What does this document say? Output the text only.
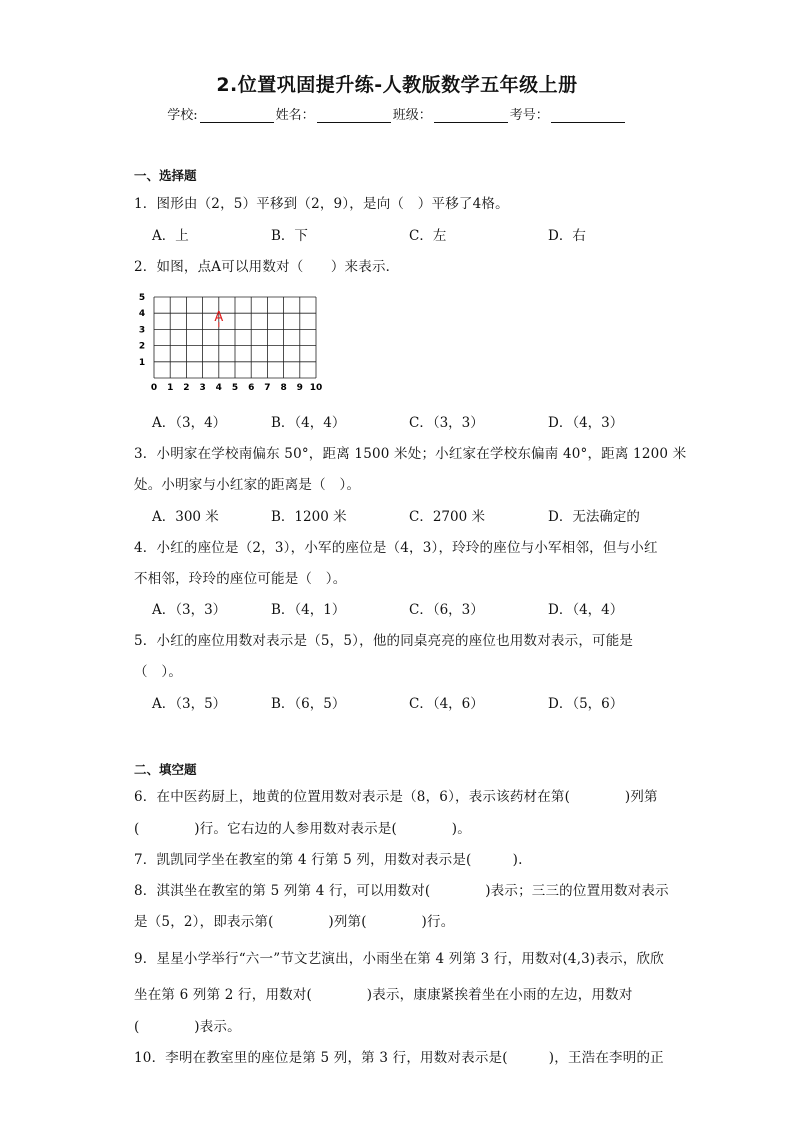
2.位置巩固提升练-人教版数学五年级上册
学校:	姓名：	班级：	考号：
一、选择题
1．图形由（2，5）平移到（2，9），是向（　）平移了4格。
A．上	B．下	C．左	D．右
2．如图，点A可以用数对（　　）来表示．
0 1 2 3 4 5 6 7 8 9 10
1
2
3
4
5
A
A．（3，4）	B．（4，4）	C．（3，3）	D．（4，3）
3．小明家在学校南偏东 50°，距离 1500 米处；小红家在学校东偏南 40°，距离 1200 米
处。小明家与小红家的距离是（　）。
A．300 米	B．1200 米	C．2700 米	D．无法确定的
4．小红的座位是（2，3），小军的座位是（4，3），玲玲的座位与小军相邻，但与小红
不相邻，玲玲的座位可能是（　）。
A．（3，3）	B．（4，1）	C．（6，3）	D．（4，4）
5．小红的座位用数对表示是（5，5），他的同桌亮亮的座位也用数对表示，可能是
（　）。
A．（3，5）	B．（6，5）	C．（4，6）	D．（5，6）
二、填空题
6．在中医药厨上，地黄的位置用数对表示是（8，6），表示该药材在第(　　　　)列第
(　　　　)行。它右边的人参用数对表示是(　　　　)。
7．凯凯同学坐在教室的第 4 行第 5 列，用数对表示是(　　　).
8．淇淇坐在教室的第 5 列第 4 行，可以用数对(　　　　)表示；三三的位置用数对表示
是（5，2），即表示第(　　　　)列第(　　　　)行。
9．星星小学举行“六一”节文艺演出，小雨坐在第 4 列第 3 行，用数对(4,3)表示，欣欣
坐在第 6 列第 2 行，用数对(　　　　)表示，康康紧挨着坐在小雨的左边，用数对
(　　　　)表示。
10．李明在教室里的座位是第 5 列，第 3 行，用数对表示是(　　　)，王浩在李明的正
